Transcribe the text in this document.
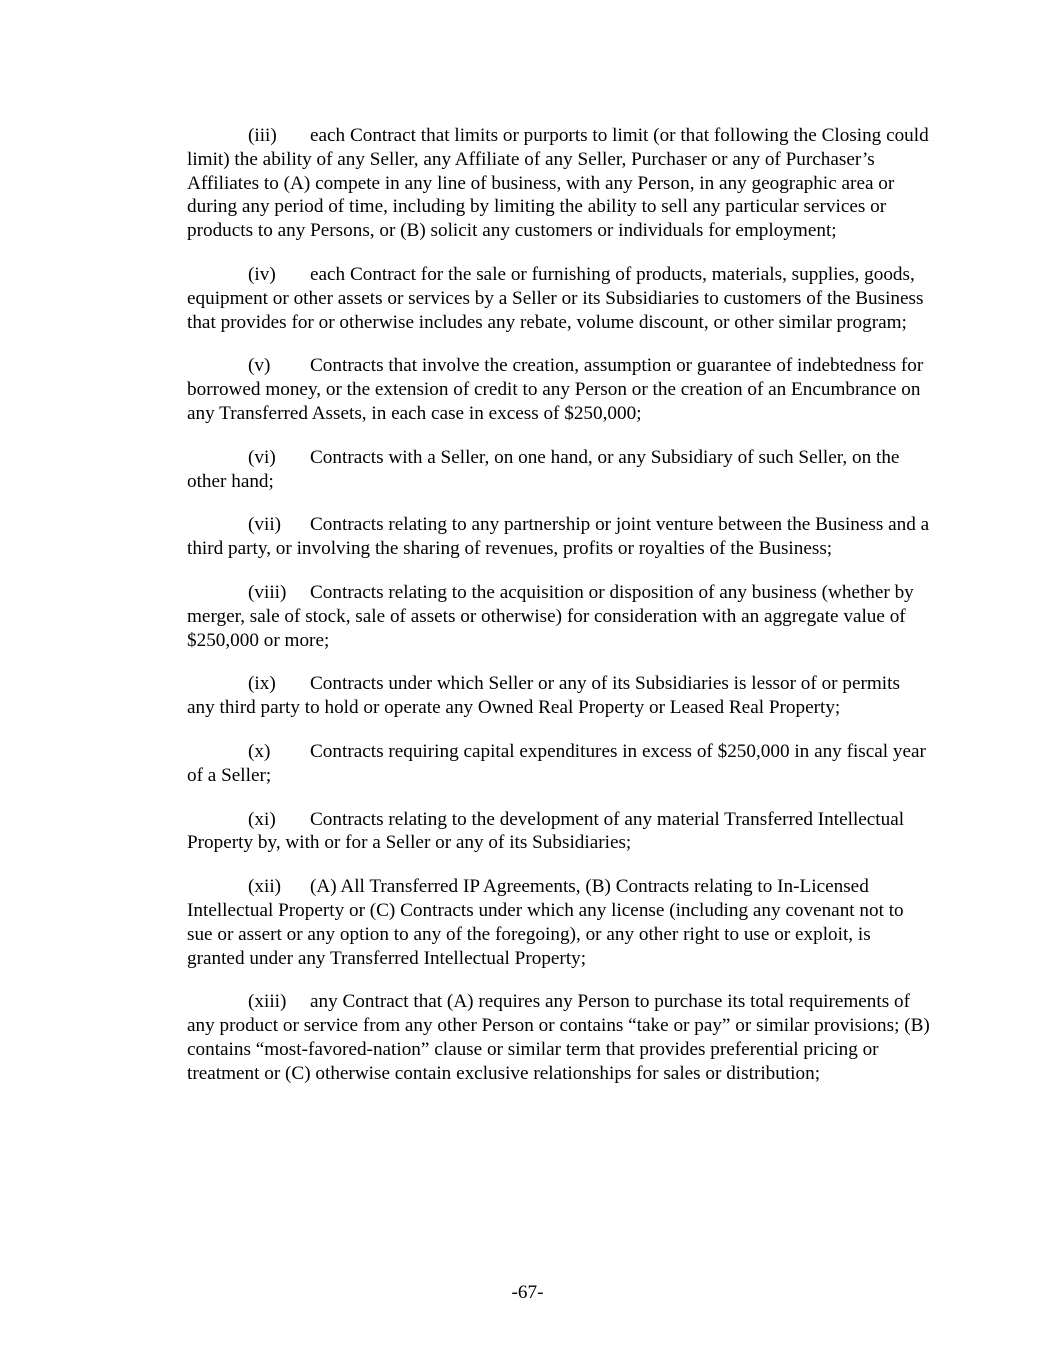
(iii) each Contract that limits or purports to limit (or that following the Closing could limit) the ability of any Seller, any Affiliate of any Seller, Purchaser or any of Purchaser’s Affiliates to (A) compete in any line of business, with any Person, in any geographic area or during any period of time, including by limiting the ability to sell any particular services or products to any Persons, or (B) solicit any customers or individuals for employment;

(iv) each Contract for the sale or furnishing of products, materials, supplies, goods, equipment or other assets or services by a Seller or its Subsidiaries to customers of the Business that provides for or otherwise includes any rebate, volume discount, or other similar program;

(v) Contracts that involve the creation, assumption or guarantee of indebtedness for borrowed money, or the extension of credit to any Person or the creation of an Encumbrance on any Transferred Assets, in each case in excess of $250,000;

(vi) Contracts with a Seller, on one hand, or any Subsidiary of such Seller, on the other hand;

(vii) Contracts relating to any partnership or joint venture between the Business and a third party, or involving the sharing of revenues, profits or royalties of the Business;

(viii) Contracts relating to the acquisition or disposition of any business (whether by merger, sale of stock, sale of assets or otherwise) for consideration with an aggregate value of $250,000 or more;

(ix) Contracts under which Seller or any of its Subsidiaries is lessor of or permits any third party to hold or operate any Owned Real Property or Leased Real Property;

(x) Contracts requiring capital expenditures in excess of $250,000 in any fiscal year of a Seller;

(xi) Contracts relating to the development of any material Transferred Intellectual Property by, with or for a Seller or any of its Subsidiaries;

(xii) (A) All Transferred IP Agreements, (B) Contracts relating to In-Licensed Intellectual Property or (C) Contracts under which any license (including any covenant not to sue or assert or any option to any of the foregoing), or any other right to use or exploit, is granted under any Transferred Intellectual Property;

(xiii) any Contract that (A) requires any Person to purchase its total requirements of any product or service from any other Person or contains “take or pay” or similar provisions; (B) contains “most-favored-nation” clause or similar term that provides preferential pricing or treatment or (C) otherwise contain exclusive relationships for sales or distribution;

-67-
